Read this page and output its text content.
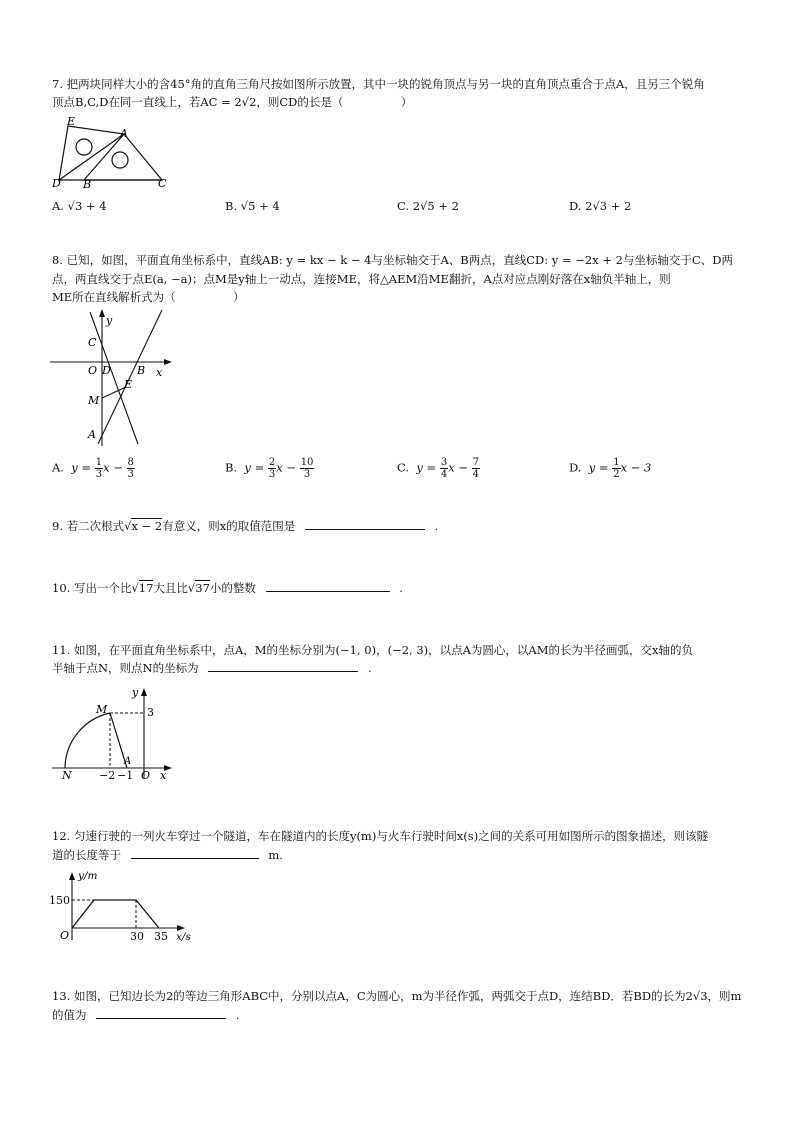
7. 把两块同样大小的含45°角的直角三角尺按如图所示放置，其中一块的锐角顶点与另一块的直角顶点重合于点A，且另三个锐角
顶点B,C,D在同一直线上，若AC = 2√2，则CD的长是（　　　　　）
E
A
D B	C
A. √3 + 4	B. √5 + 4	C. 2√5 + 2	D. 2√3 + 2
8. 已知，如图，平面直角坐标系中，直线AB: y = kx − k − 4与坐标轴交于A、B两点，直线CD: y = −2x + 2与坐标轴交于C、D两
点，两直线交于点E(a, −a)；点M是y轴上一动点，连接ME，将△AEM沿ME翻折，A点对应点刚好落在x轴负半轴上，则
ME所在直线解析式为（　　　　　）
y
C
O D B x
E
M
A
A. $y = \frac{1}{3}$ $x - \frac{8}{3}$	B. $y = \frac{2}{3}$ $x - \frac{10}{3}$	C. $y = \frac{3}{4}$ $x - \frac{7}{4}$	D. $y = \frac{1}{2}$ x − 3
9. 若二次根式√x − 2有意义，则x的取值范围是	.
10. 写出一个比√17大且比√37小的整数	.
11. 如图，在平面直角坐标系中，点A，M的坐标分别为(−1, 0)，(−2, 3)，以点A为圆心，以AM的长为半径画弧，交x轴的负
半轴于点N，则点N的坐标为	.
y
M	3
N −2
A
−1 O x
12. 匀速行驶的一列火车穿过一个隧道，车在隧道内的长度y(m)与火车行驶时间x(s)之间的关系可用如图所示的图象描述，则该隧
道的长度等于	m.
y/m
150
O	30 35 x/s
13. 如图，已知边长为2的等边三角形ABC中，分别以点A，C为圆心，m为半径作弧，两弧交于点D，连结BD．若BD的长为2√3，则m
的值为	.
